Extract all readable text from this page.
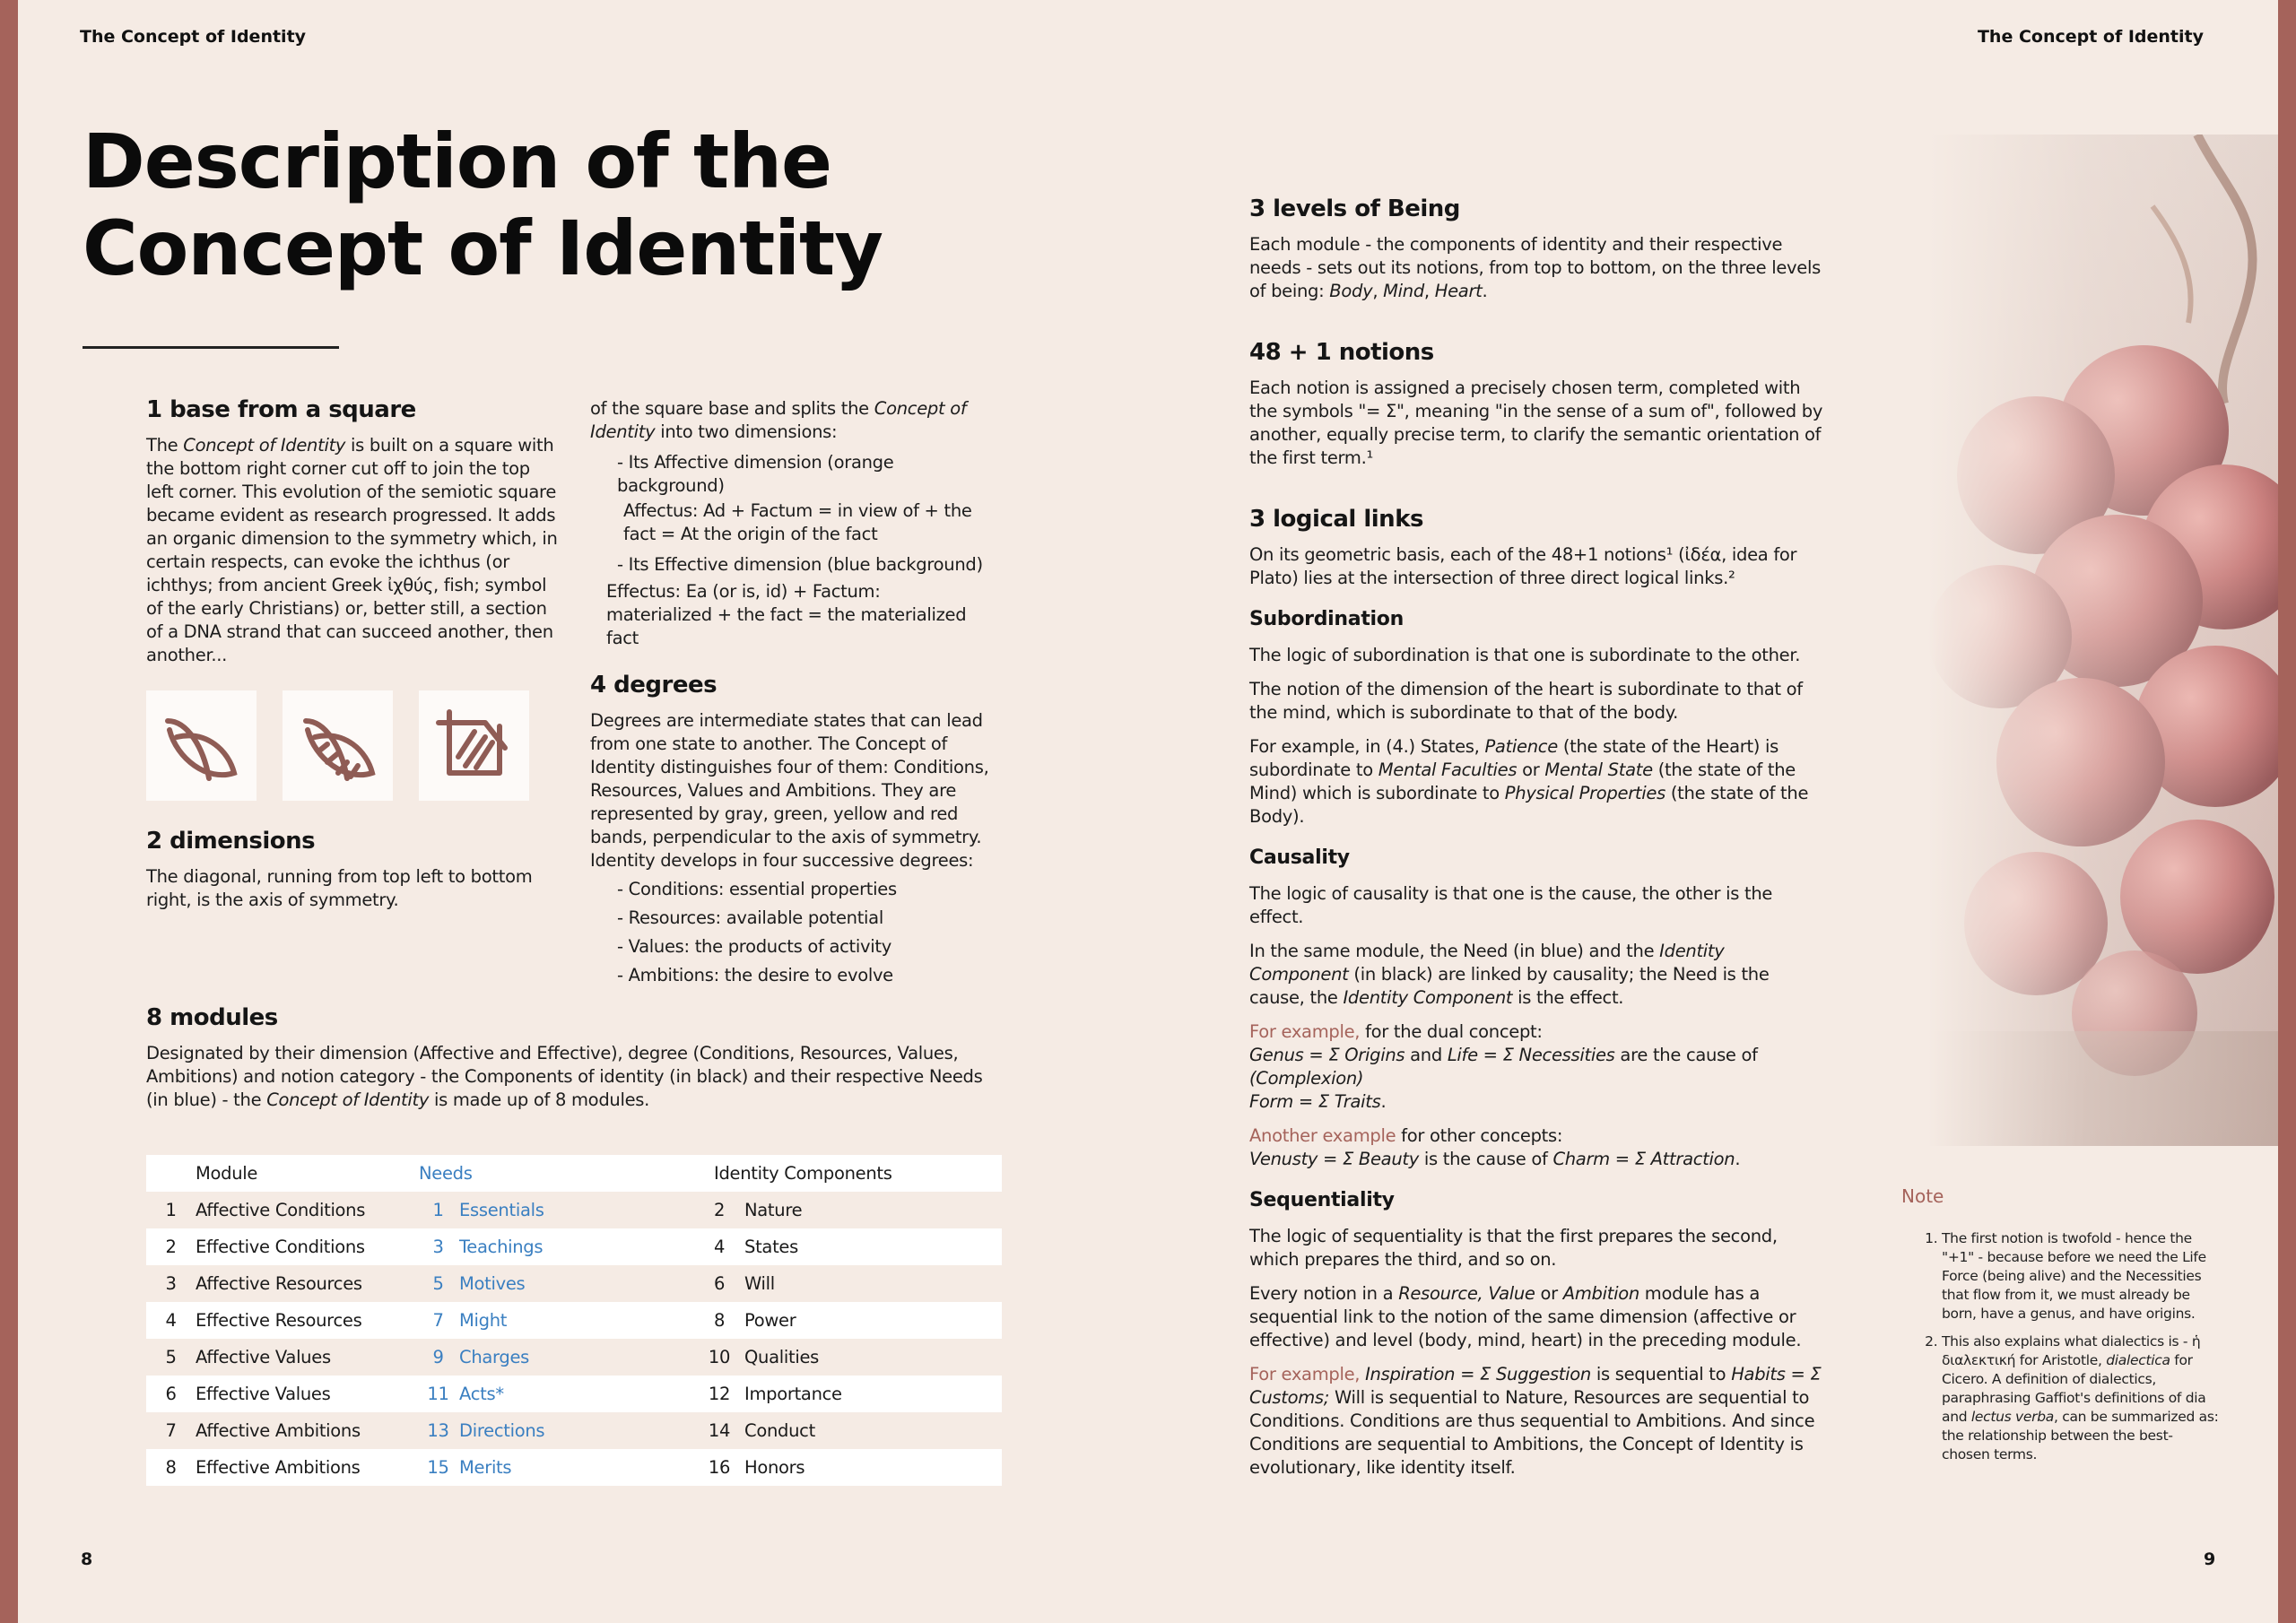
The Concept of Identity	The Concept of Identity
Description of the
Concept of Identity
1 base from a square

The Concept of Identity is built on a square with the bottom right corner cut off to join the top left corner. This evolution of the semiotic square became evident as research progressed. It adds an organic dimension to the symmetry which, in certain respects, can evoke the ichthus (or ichthys; from ancient Greek ἰχθύς, fish; symbol of the early Christians) or, better still, a section of a DNA strand that can succeed another, then another...

2 dimensions

The diagonal, running from top left to bottom right, is the axis of symmetry.

of the square base and splits the Concept of Identity into two dimensions:

- Its Affective dimension (orange background)
Affectus: Ad + Factum = in view of + the fact = At the origin of the fact
- Its Effective dimension (blue background)
Effectus: Ea (or is, id) + Factum: materialized + the fact = the materialized fact
4 degrees

Degrees are intermediate states that can lead from one state to another. The Concept of Identity distinguishes four of them: Conditions, Resources, Values and Ambitions. They are represented by gray, green, yellow and red bands, perpendicular to the axis of symmetry. Identity develops in four successive degrees:

- Conditions: essential properties
- Resources: available potential
- Values: the products of activity
- Ambitions: the desire to evolve
8 modules

Designated by their dimension (Affective and Effective), degree (Conditions, Resources, Values, Ambitions) and notion category - the Components of identity (in black) and their respective Needs (in blue) - the Concept of Identity is made up of 8 modules.

	Module	Needs		Identity Components	
1	Affective Conditions	1	Essentials	2	Nature
2	Effective Conditions	3	Teachings	4	States
3	Affective Resources	5	Motives	6	Will
4	Effective Resources	7	Might	8	Power
5	Affective Values	9	Charges	10	Qualities
6	Effective Values	11	Acts*	12	Importance
7	Affective Ambitions	13	Directions	14	Conduct
8	Effective Ambitions	15	Merits	16	Honors
3 levels of Being

Each module - the components of identity and their respective needs - sets out its notions, from top to bottom, on the three levels of being: Body, Mind, Heart.

48 + 1 notions

Each notion is assigned a precisely chosen term, completed with the symbols "= Σ", meaning "in the sense of a sum of", followed by another, equally precise term, to clarify the semantic orientation of the first term.¹

3 logical links

On its geometric basis, each of the 48+1 notions¹ (ἰδέα, idea for Plato) lies at the intersection of three direct logical links.²

Subordination

The logic of subordination is that one is subordinate to the other.

The notion of the dimension of the heart is subordinate to that of the mind, which is subordinate to that of the body.

For example, in (4.) States, Patience (the state of the Heart) is subordinate to Mental Faculties or Mental State (the state of the Mind) which is subordinate to Physical Properties (the state of the Body).

Causality

The logic of causality is that one is the cause, the other is the effect.

In the same module, the Need (in blue) and the Identity Component (in black) are linked by causality; the Need is the cause, the Identity Component is the effect.

For example, for the dual concept:
Genus = Σ Origins and Life = Σ Necessities are the cause of (Complexion)
Form = Σ Traits.

Another example for other concepts:
Venusty = Σ Beauty is the cause of Charm = Σ Attraction.

Sequentiality

The logic of sequentiality is that the first prepares the second, which prepares the third, and so on.

Every notion in a Resource, Value or Ambition module has a sequential link to the notion of the same dimension (affective or effective) and level (body, mind, heart) in the preceding module.

For example, Inspiration = Σ Suggestion is sequential to Habits = Σ Customs; Will is sequential to Nature, Resources are sequential to Conditions. Conditions are thus sequential to Ambitions. And since Conditions are sequential to Ambitions, the Concept of Identity is evolutionary, like identity itself.

Note
1. The first notion is twofold - hence the "+1" - because before we need the Life Force (being alive) and the Necessities that flow from it, we must already be born, have a genus, and have origins.
2. This also explains what dialectics is - ἡ διαλεκτική for Aristotle, dialectica for Cicero. A definition of dialectics, paraphrasing Gaffiot's definitions of dia and lectus verba, can be summarized as: the relationship between the best-chosen terms.
8	9
